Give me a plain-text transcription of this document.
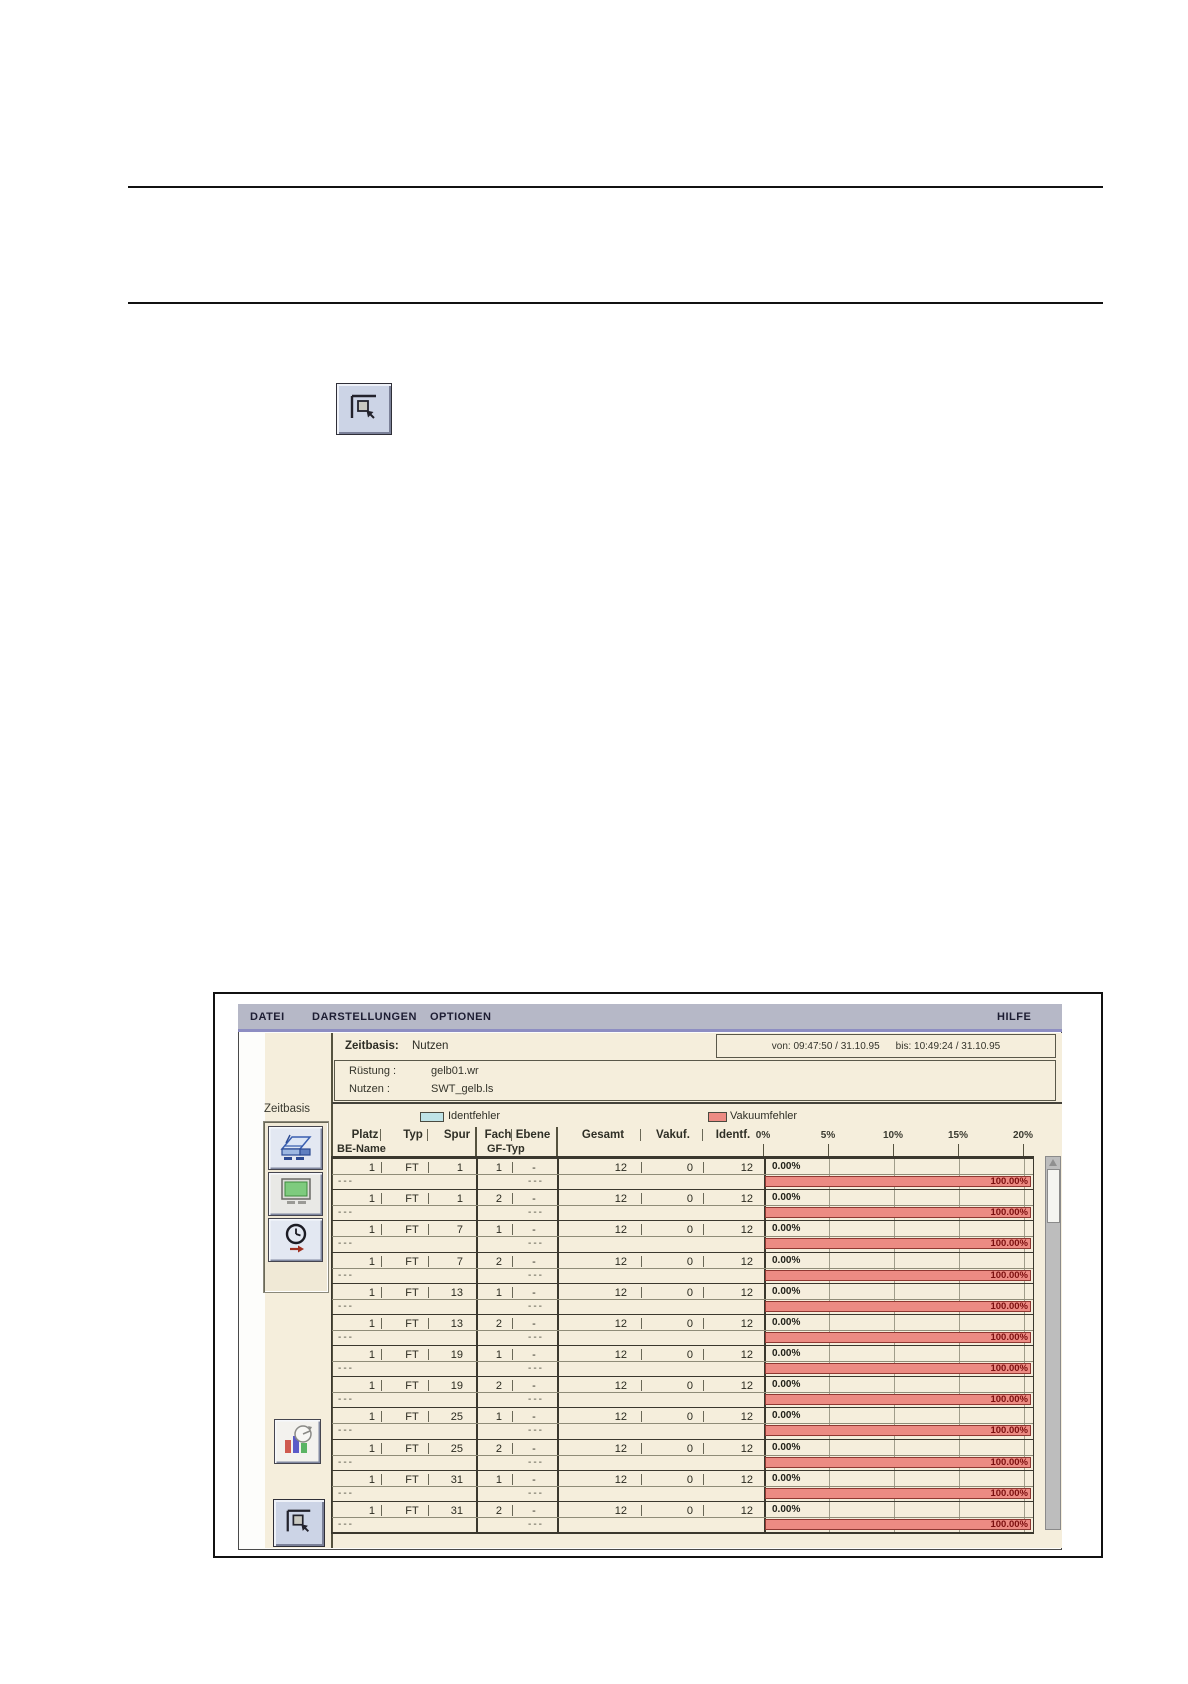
DATEI DARSTELLUNGEN OPTIONEN	HILFE
Zeitbasis: Nutzen	von: 09:47:50 / 31.10.95 bis: 10:49:24 / 31.10.95
Rüstung :	gelb01.wr
Nutzen :	SWT_gelb.ls
Identfehler	Vakuumfehler
Platz	Typ	Spur	Fach Ebene	Gesamt	Vakuf.	Identf. 0%	5%	10%	15%	20%
BE-Name	GF-Typ
1	FT	1	1	-	12	0	12 0.00%
---	---	100.00%
1	FT	1	2	-	12	0	12 0.00%
---	---	100.00%
1	FT	7	1	-	12	0	12 0.00%
---	---	100.00%
1	FT	7	2	-	12	0	12 0.00%
---	---	100.00%
1	FT	13	1	-	12	0	12 0.00%
---	---	100.00%
1	FT	13	2	-	12	0	12 0.00%
---	---	100.00%
1	FT	19	1	-	12	0	12 0.00%
---	---	100.00%
1	FT	19	2	-	12	0	12 0.00%
---	---	100.00%
1	FT	25	1	-	12	0	12 0.00%
---	---	100.00%
1	FT	25	2	-	12	0	12 0.00%
---	---	100.00%
1	FT	31	1	-	12	0	12 0.00%
---	---	100.00%
1	FT	31	2	-	12	0	12 0.00%
---	---	100.00%
Zeitbasis
